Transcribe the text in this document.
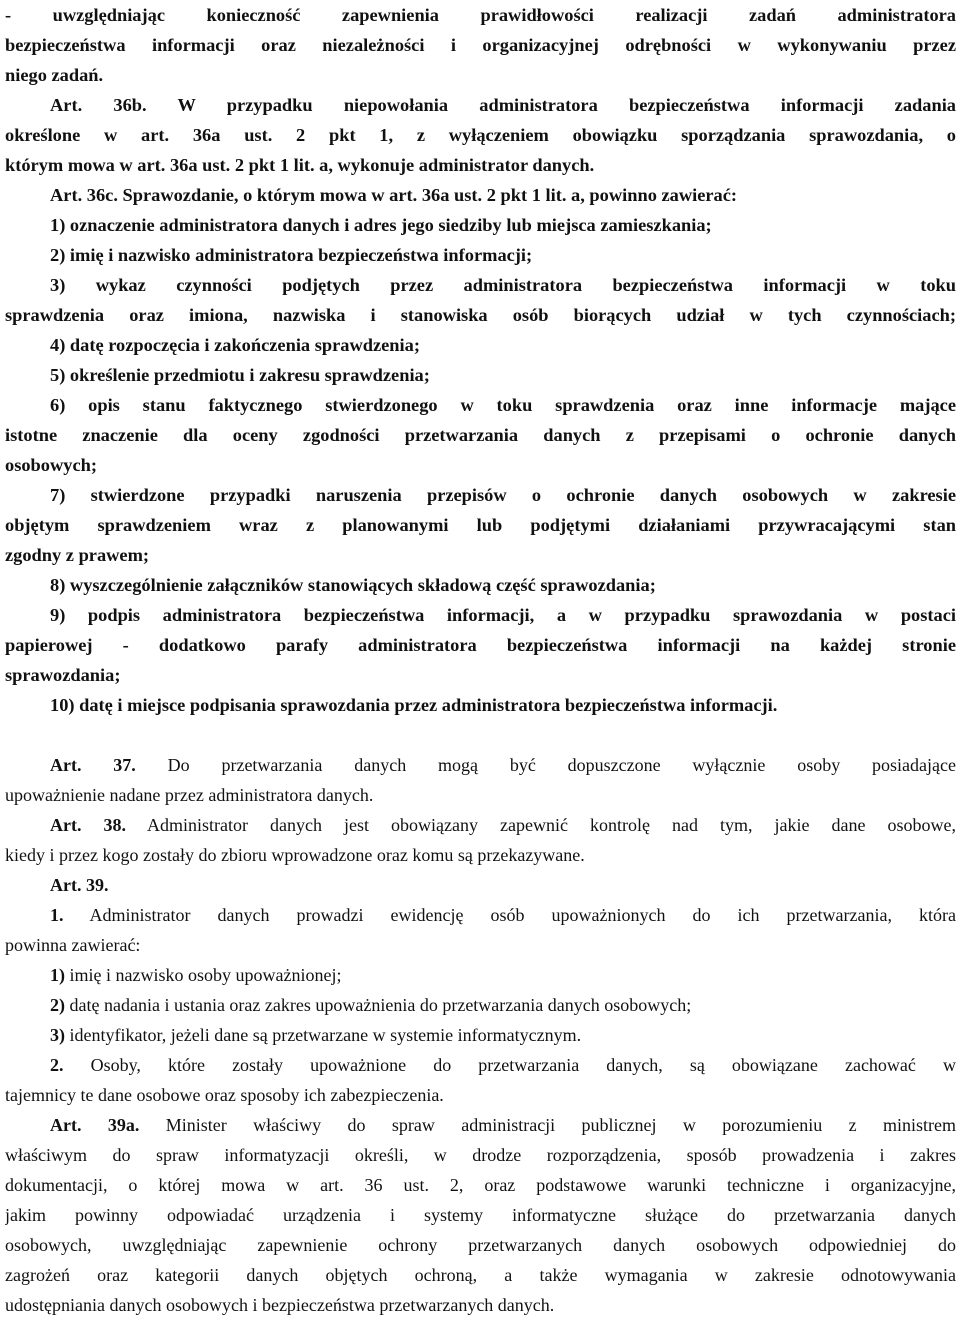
- uwzględniając konieczność zapewnienia prawidłowości realizacji zadań administratora
bezpieczeństwa informacji oraz niezależności i organizacyjnej odrębności w wykonywaniu przez
niego zadań.
Art. 36b. W przypadku niepowołania administratora bezpieczeństwa informacji zadania
określone w art. 36a ust. 2 pkt 1, z wyłączeniem obowiązku sporządzania sprawozdania, o
którym mowa w art. 36a ust. 2 pkt 1 lit. a, wykonuje administrator danych.
Art. 36c. Sprawozdanie, o którym mowa w art. 36a ust. 2 pkt 1 lit. a, powinno zawierać:
1) oznaczenie administratora danych i adres jego siedziby lub miejsca zamieszkania;
2) imię i nazwisko administratora bezpieczeństwa informacji;
3) wykaz czynności podjętych przez administratora bezpieczeństwa informacji w toku
sprawdzenia oraz imiona, nazwiska i stanowiska osób biorących udział w tych czynnościach;
4) datę rozpoczęcia i zakończenia sprawdzenia;
5) określenie przedmiotu i zakresu sprawdzenia;
6) opis stanu faktycznego stwierdzonego w toku sprawdzenia oraz inne informacje mające
istotne znaczenie dla oceny zgodności przetwarzania danych z przepisami o ochronie danych
osobowych;
7) stwierdzone przypadki naruszenia przepisów o ochronie danych osobowych w zakresie
objętym sprawdzeniem wraz z planowanymi lub podjętymi działaniami przywracającymi stan
zgodny z prawem;
8) wyszczególnienie załączników stanowiących składową część sprawozdania;
9) podpis administratora bezpieczeństwa informacji, a w przypadku sprawozdania w postaci
papierowej - dodatkowo parafy administratora bezpieczeństwa informacji na każdej stronie
sprawozdania;
10) datę i miejsce podpisania sprawozdania przez administratora bezpieczeństwa informacji.
Art. 37. Do przetwarzania danych mogą być dopuszczone wyłącznie osoby posiadające
upoważnienie nadane przez administratora danych.
Art. 38. Administrator danych jest obowiązany zapewnić kontrolę nad tym, jakie dane osobowe,
kiedy i przez kogo zostały do zbioru wprowadzone oraz komu są przekazywane.
Art. 39.
1. Administrator danych prowadzi ewidencję osób upoważnionych do ich przetwarzania, która
powinna zawierać:
1) imię i nazwisko osoby upoważnionej;
2) datę nadania i ustania oraz zakres upoważnienia do przetwarzania danych osobowych;
3) identyfikator, jeżeli dane są przetwarzane w systemie informatycznym.
2. Osoby, które zostały upoważnione do przetwarzania danych, są obowiązane zachować w
tajemnicy te dane osobowe oraz sposoby ich zabezpieczenia.
Art. 39a. Minister właściwy do spraw administracji publicznej w porozumieniu z ministrem
właściwym do spraw informatyzacji określi, w drodze rozporządzenia, sposób prowadzenia i zakres
dokumentacji, o której mowa w art. 36 ust. 2, oraz podstawowe warunki techniczne i organizacyjne,
jakim powinny odpowiadać urządzenia i systemy informatyczne służące do przetwarzania danych
osobowych, uwzględniając zapewnienie ochrony przetwarzanych danych osobowych odpowiedniej do
zagrożeń oraz kategorii danych objętych ochroną, a także wymagania w zakresie odnotowywania
udostępniania danych osobowych i bezpieczeństwa przetwarzanych danych.
